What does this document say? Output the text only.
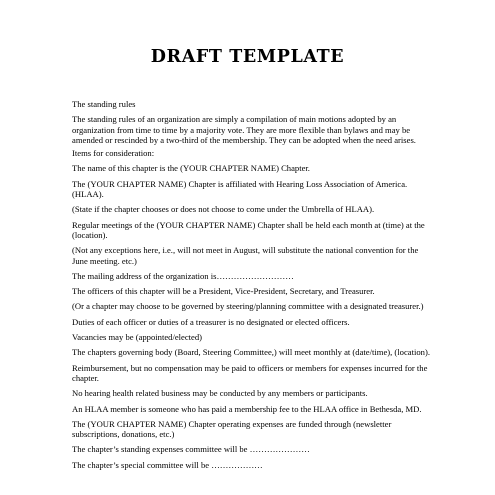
DRAFT TEMPLATE

The standing rules

The standing rules of an organization are simply a compilation of main motions adopted by an organization from time to time by a majority vote. They are more flexible than bylaws and may be amended or rescinded by a two-third of the membership. They can be adopted when the need arises.

Items for consideration:

The name of this chapter is the (YOUR CHAPTER NAME) Chapter.

The (YOUR CHAPTER NAME) Chapter is affiliated with Hearing Loss Association of America. (HLAA).

(State if the chapter chooses or does not choose to come under the Umbrella of HLAA).

Regular meetings of the (YOUR CHAPTER NAME) Chapter shall be held each month at (time) at the (location).

(Not any exceptions here, i.e., will not meet in August, will substitute the national convention for the June meeting. etc.)

The mailing address of the organization is………………………

The officers of this chapter will be a President, Vice-President, Secretary, and Treasurer.

(Or a chapter may choose to be governed by steering/planning committee with a designated treasurer.)

Duties of each officer or duties of a treasurer is no designated or elected officers.

Vacancies may be (appointed/elected)

The chapters governing body (Board, Steering Committee,) will meet monthly at (date/time), (location).

Reimbursement, but no compensation may be paid to officers or members for expenses incurred for the chapter.

No hearing health related business may be conducted by any members or participants.

An HLAA member is someone who has paid a membership fee to the HLAA office in Bethesda, MD.

The (YOUR CHAPTER NAME) Chapter operating expenses are funded through (newsletter subscriptions, donations, etc.)

The chapter’s standing expenses committee will be …………………

The chapter’s special committee will be ………………
